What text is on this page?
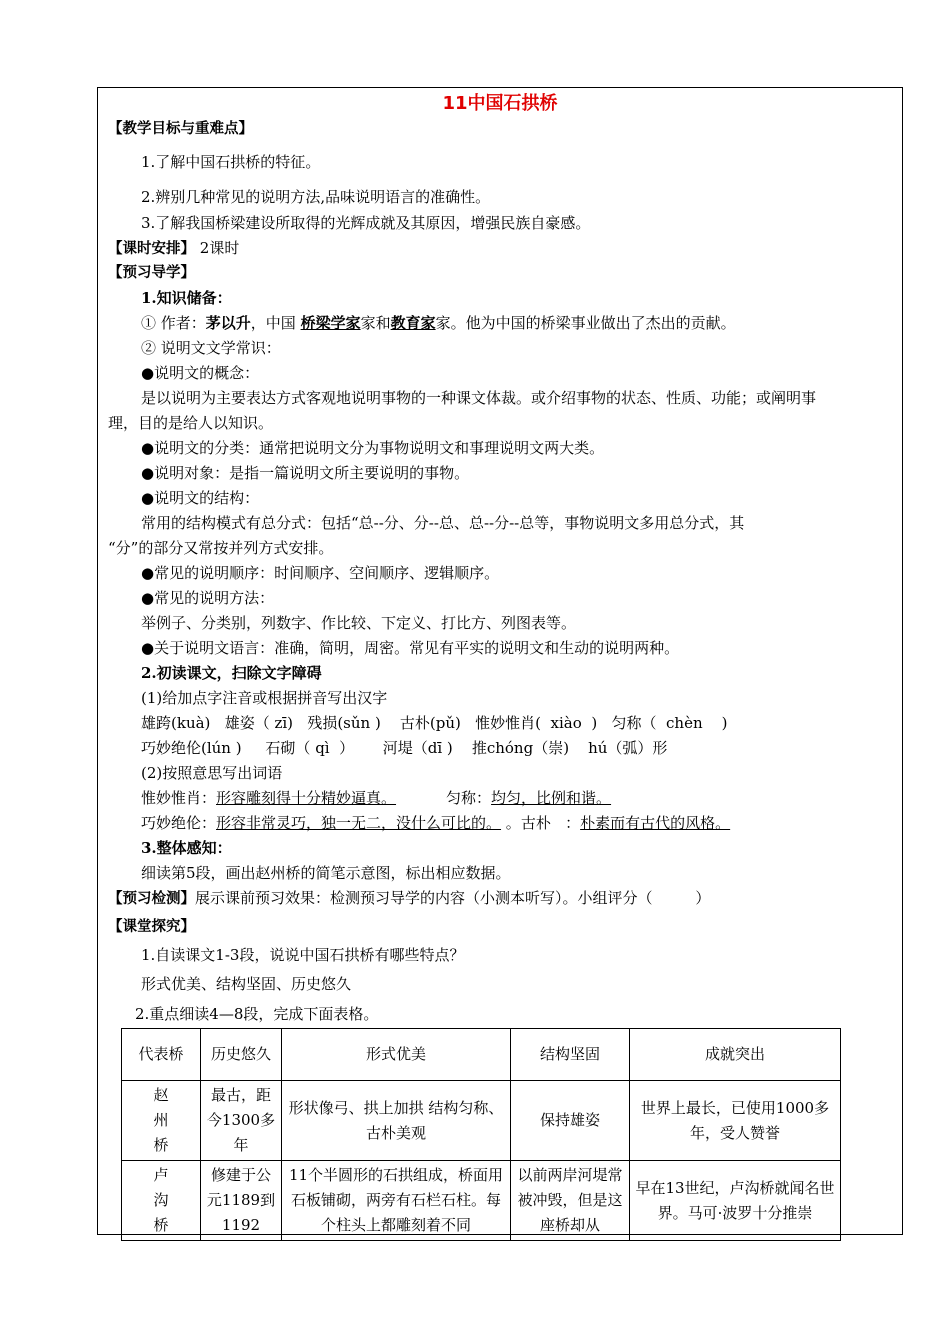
11中国石拱桥
【教学目标与重难点】
1.了解中国石拱桥的特征。
2.辨别几种常见的说明方法,品味说明语言的准确性。
3.了解我国桥梁建设所取得的光辉成就及其原因，增强民族自豪感。
【课时安排】 2课时
【预习导学】
1.知识储备：
① 作者：茅以升，中国 桥梁学家家和教育家家。他为中国的桥梁事业做出了杰出的贡献。
② 说明文文学常识：
●说明文的概念：
是以说明为主要表达方式客观地说明事物的一种课文体裁。或介绍事物的状态、性质、功能；或阐明事
理，目的是给人以知识。
●说明文的分类：通常把说明文分为事物说明文和事理说明文两大类。
●说明对象：是指一篇说明文所主要说明的事物。
●说明文的结构：
常用的结构模式有总分式：包括“总--分、分--总、总--分--总等，事物说明文多用总分式，其
“分”的部分又常按并列方式安排。
●常见的说明顺序：时间顺序、空间顺序、逻辑顺序。
●常见的说明方法：
举例子、分类别，列数字、作比较、下定义、打比方、列图表等。
●关于说明文语言：准确，简明，周密。常见有平实的说明文和生动的说明两种。
2.初读课文，扫除文字障碍
(1)给加点字注音或根据拼音写出汉字
雄跨(kuà)   雄姿（ zī)   残损(sǔn )    古朴(pǔ)   惟妙惟肖(  xiào  )   匀称（  chèn    )
巧妙绝伦(lún )     石砌（ qì  ）      河堤（dī )    推chóng（崇)    hú（弧）形
(2)按照意思写出词语
惟妙惟肖：形容雕刻得十分精妙逼真。	匀称：均匀，比例和谐。
巧妙绝伦：形容非常灵巧，独一无二，没什么可比的。 。古朴   ：朴素而有古代的风格。
3.整体感知：
细读第5段，画出赵州桥的简笔示意图，标出相应数据。
【预习检测】展示课前预习效果：检测预习导学的内容（小测本听写）。小组评分（         ）
【课堂探究】
1.自读课文1-3段，说说中国石拱桥有哪些特点？
形式优美、结构坚固、历史悠久
2.重点细读4—8段，完成下面表格。
代表桥	历史悠久	形式优美	结构坚固	成就突出

赵州桥	最古，距今1300多年	形状像弓、拱上加拱 结构匀称、古朴美观	保持雄姿	世界上最长，已使用1000多年，受人赞誉

卢沟桥	修建于公元1189到1192	11个半圆形的石拱组成，桥面用石板铺砌，两旁有石栏石柱。每个柱头上都雕刻着不同	以前两岸河堤常被冲毁，但是这座桥却从	早在13世纪，卢沟桥就闻名世界。马可·波罗十分推崇
